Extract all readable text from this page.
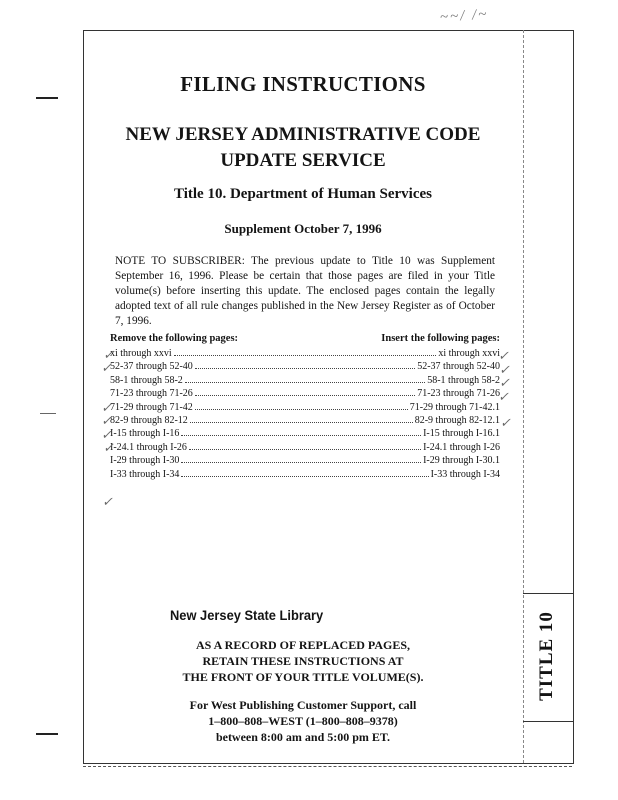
~~/ /~
FILING INSTRUCTIONS
NEW JERSEY ADMINISTRATIVE CODE
UPDATE SERVICE
Title 10. Department of Human Services
Supplement October 7, 1996
NOTE TO SUBSCRIBER: The previous update to Title 10 was Supplement September 16, 1996. Please be certain that those pages are filed in your Title volume(s) before inserting this update. The enclosed pages contain the legally adopted text of all rule changes published in the New Jersey Register as of October 7, 1996.
Remove the following pages:	Insert the following pages:
xi through xxvi	xi through xxvi
52-37 through 52-40	52-37 through 52-40
58-1 through 58-2	58-1 through 58-2
71-23 through 71-26	71-23 through 71-26
71-29 through 71-42	71-29 through 71-42.1
82-9 through 82-12	82-9 through 82-12.1
I-15 through I-16	I-15 through I-16.1
I-24.1 through I-26	I-24.1 through I-26
I-29 through I-30	I-29 through I-30.1
I-33 through I-34	I-33 through I-34
✓
✓
✓
✓
✓
✓
✓
✓
✓
✓
✓
✓
New Jersey State Library
AS A RECORD OF REPLACED PAGES,
RETAIN THESE INSTRUCTIONS AT
THE FRONT OF YOUR TITLE VOLUME(S).
For West Publishing Customer Support, call
1–800–808–WEST (1–800–808–9378)
between 8:00 am and 5:00 pm ET.
TITLE 10
